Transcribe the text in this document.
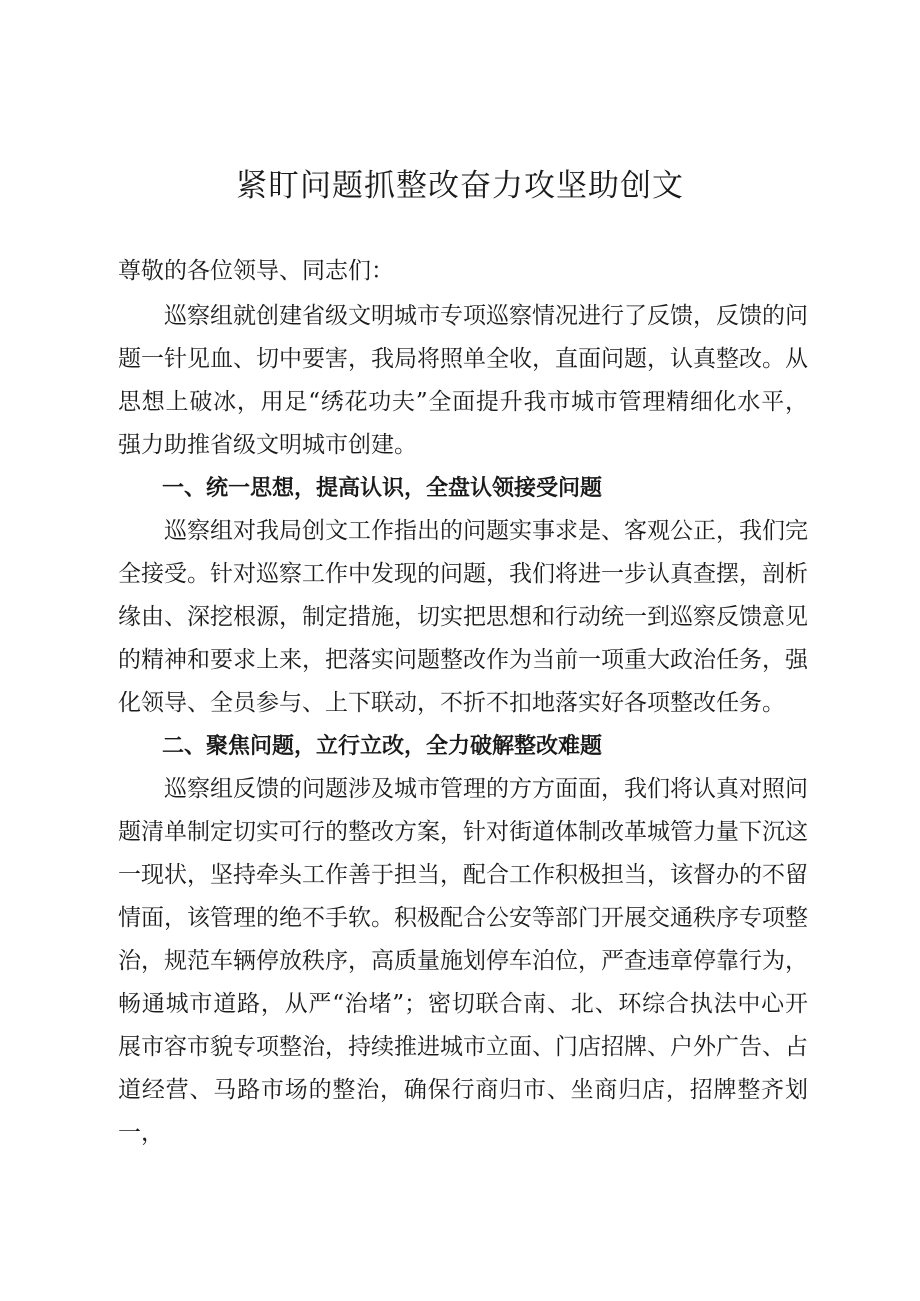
紧盯问题抓整改奋力攻坚助创文

尊敬的各位领导、同志们：

巡察组就创建省级文明城市专项巡察情况进行了反馈，反馈的问题一针见血、切中要害，我局将照单全收，直面问题，认真整改。从思想上破冰，用足“绣花功夫”全面提升我市城市管理精细化水平，强力助推省级文明城市创建。

一、统一思想，提高认识，全盘认领接受问题

巡察组对我局创文工作指出的问题实事求是、客观公正，我们完全接受。针对巡察工作中发现的问题，我们将进一步认真查摆，剖析缘由、深挖根源，制定措施，切实把思想和行动统一到巡察反馈意见的精神和要求上来，把落实问题整改作为当前一项重大政治任务，强化领导、全员参与、上下联动，不折不扣地落实好各项整改任务。

二、聚焦问题，立行立改，全力破解整改难题

巡察组反馈的问题涉及城市管理的方方面面，我们将认真对照问题清单制定切实可行的整改方案，针对街道体制改革城管力量下沉这一现状，坚持牵头工作善于担当，配合工作积极担当，该督办的不留情面，该管理的绝不手软。积极配合公安等部门开展交通秩序专项整治，规范车辆停放秩序，高质量施划停车泊位，严查违章停靠行为，畅通城市道路，从严“治堵”；密切联合南、北、环综合执法中心开展市容市貌专项整治，持续推进城市立面、门店招牌、户外广告、占道经营、马路市场的整治，确保行商归市、坐商归店，招牌整齐划一，
